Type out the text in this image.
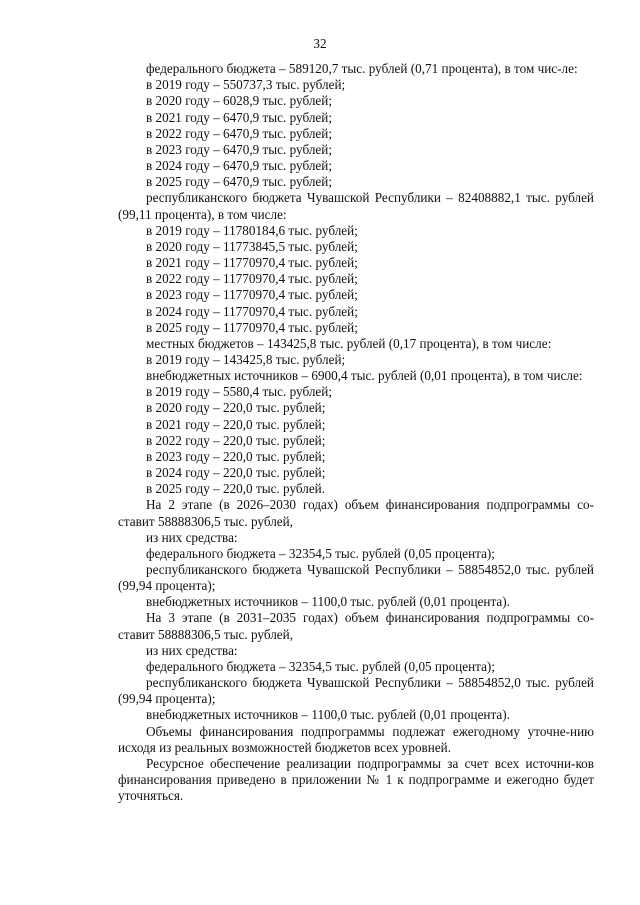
32

федерального бюджета – 589120,7 тыс. рублей (0,71 процента), в том чис-ле:

в 2019 году – 550737,3 тыс. рублей;

в 2020 году – 6028,9 тыс. рублей;

в 2021 году – 6470,9 тыс. рублей;

в 2022 году – 6470,9 тыс. рублей;

в 2023 году – 6470,9 тыс. рублей;

в 2024 году – 6470,9 тыс. рублей;

в 2025 году – 6470,9 тыс. рублей;

республиканского бюджета Чувашской Республики – 82408882,1 тыс. рублей (99,11 процента), в том числе:

в 2019 году – 11780184,6 тыс. рублей;

в 2020 году – 11773845,5 тыс. рублей;

в 2021 году – 11770970,4 тыс. рублей;

в 2022 году – 11770970,4 тыс. рублей;

в 2023 году – 11770970,4 тыс. рублей;

в 2024 году – 11770970,4 тыс. рублей;

в 2025 году – 11770970,4 тыс. рублей;

местных бюджетов – 143425,8 тыс. рублей (0,17 процента), в том числе:

в 2019 году – 143425,8 тыс. рублей;

внебюджетных источников – 6900,4 тыс. рублей (0,01 процента), в том числе:

в 2019 году – 5580,4 тыс. рублей;

в 2020 году – 220,0 тыс. рублей;

в 2021 году – 220,0 тыс. рублей;

в 2022 году – 220,0 тыс. рублей;

в 2023 году – 220,0 тыс. рублей;

в 2024 году – 220,0 тыс. рублей;

в 2025 году – 220,0 тыс. рублей.

На 2 этапе (в 2026–2030 годах) объем финансирования подпрограммы со-ставит 58888306,5 тыс. рублей,

из них средства:

федерального бюджета – 32354,5 тыс. рублей (0,05 процента);

республиканского бюджета Чувашской Республики – 58854852,0 тыс. рублей (99,94 процента);

внебюджетных источников – 1100,0 тыс. рублей (0,01 процента).

На 3 этапе (в 2031–2035 годах) объем финансирования подпрограммы со-ставит 58888306,5 тыс. рублей,

из них средства:

федерального бюджета – 32354,5 тыс. рублей (0,05 процента);

республиканского бюджета Чувашской Республики – 58854852,0 тыс. рублей (99,94 процента);

внебюджетных источников – 1100,0 тыс. рублей (0,01 процента).

Объемы финансирования подпрограммы подлежат ежегодному уточне-нию исходя из реальных возможностей бюджетов всех уровней.

Ресурсное обеспечение реализации подпрограммы за счет всех источни-ков финансирования приведено в приложении № 1 к подпрограмме и ежегодно будет уточняться.
